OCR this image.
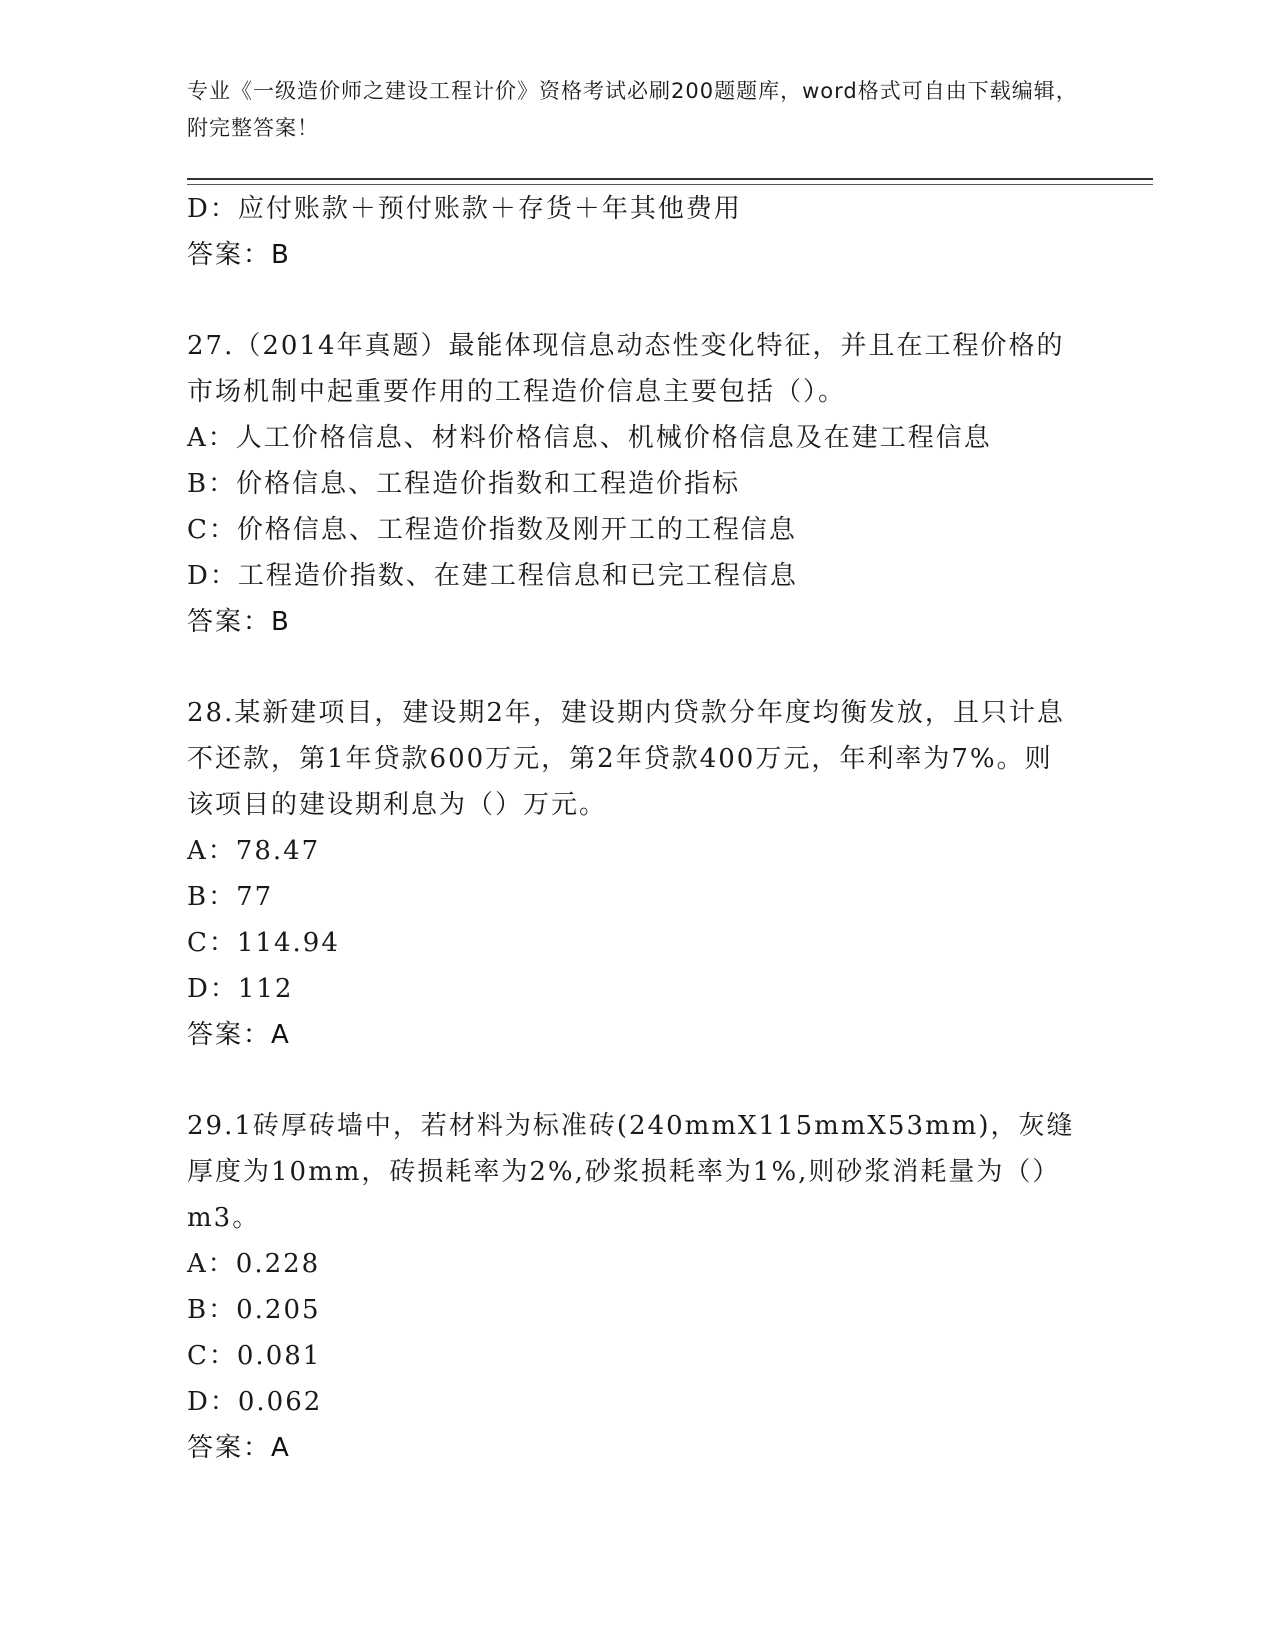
专业《一级造价师之建设工程计价》资格考试必刷200题题库，word格式可自由下载编辑，附完整答案！
D：应付账款＋预付账款＋存货＋年其他费用
答案：B
27.（2014年真题）最能体现信息动态性变化特征，并且在工程价格的市场机制中起重要作用的工程造价信息主要包括（）。
A：人工价格信息、材料价格信息、机械价格信息及在建工程信息
B：价格信息、工程造价指数和工程造价指标
C：价格信息、工程造价指数及刚开工的工程信息
D：工程造价指数、在建工程信息和已完工程信息
答案：B
28.某新建项目，建设期2年，建设期内贷款分年度均衡发放，且只计息不还款，第1年贷款600万元，第2年贷款400万元，年利率为7%。则该项目的建设期利息为（）万元。
A：78.47
B：77
C：114.94
D：112
答案：A
29.1砖厚砖墙中，若材料为标准砖(240mmX115mmX53mm)，灰缝厚度为10mm，砖损耗率为2%,砂浆损耗率为1%,则砂浆消耗量为（）m3。
A：0.228
B：0.205
C：0.081
D：0.062
答案：A
